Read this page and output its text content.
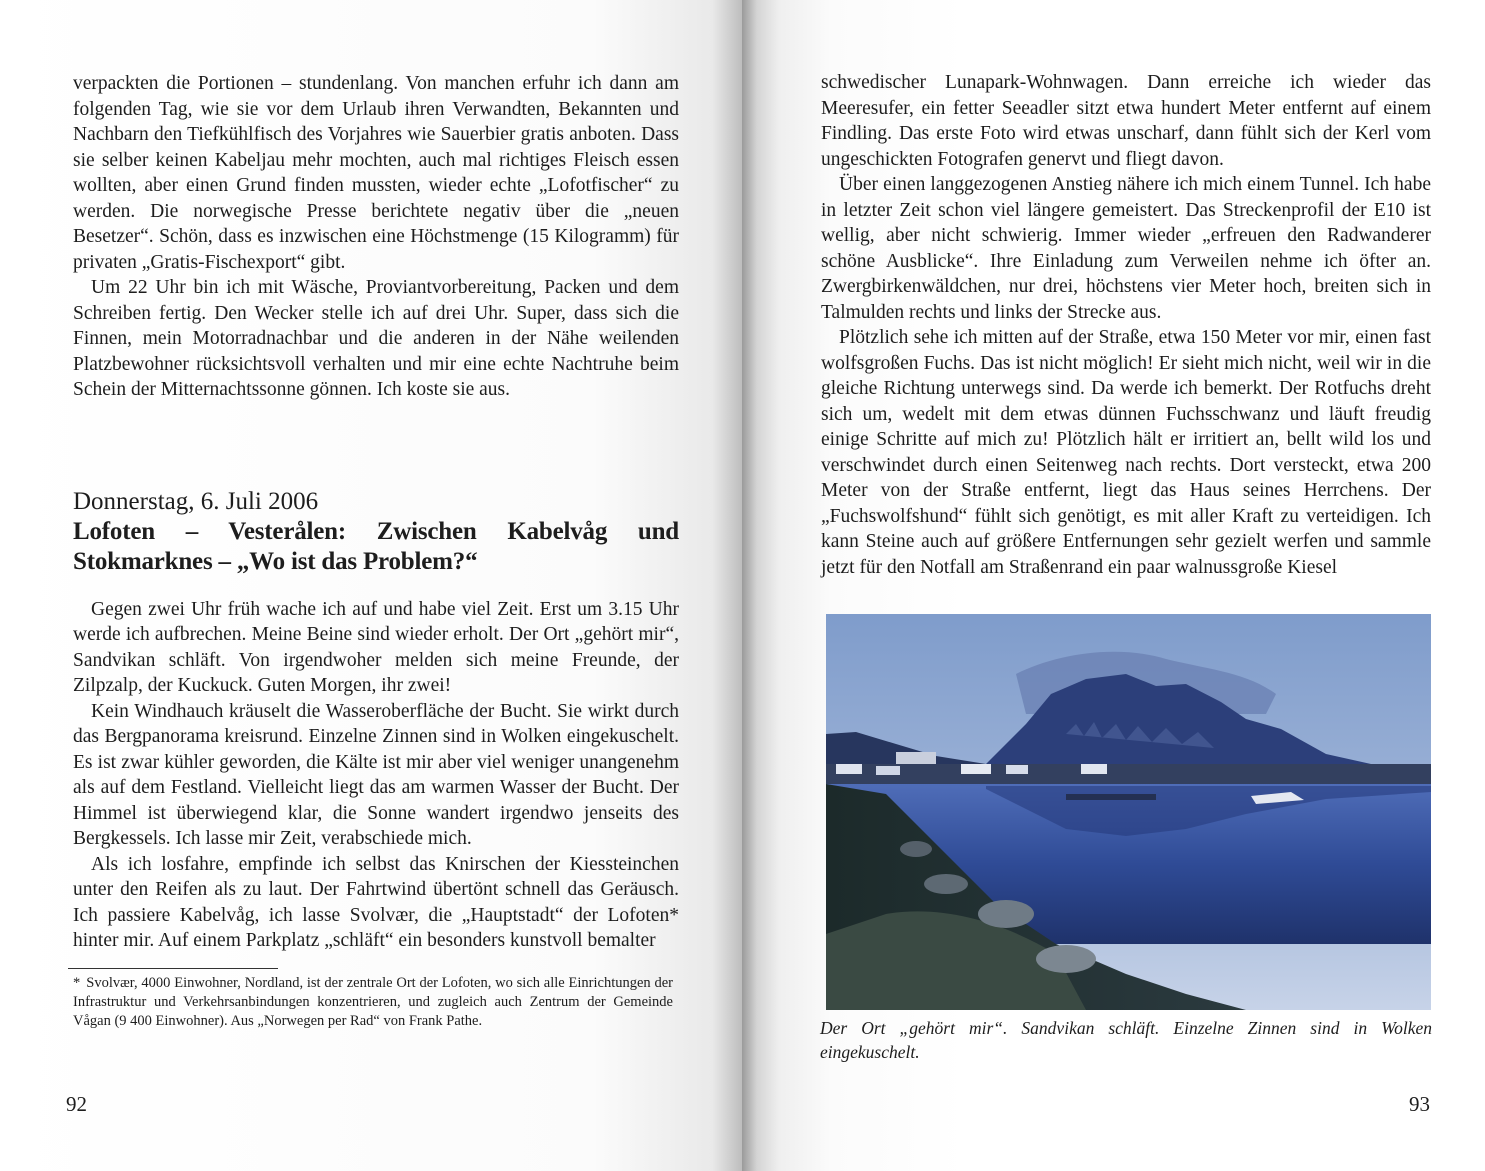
verpackten die Portionen – stundenlang. Von manchen erfuhr ich dann am folgenden Tag, wie sie vor dem Urlaub ihren Verwandten, Bekannten und Nachbarn den Tiefkühlfisch des Vorjahres wie Sauerbier gratis anboten. Dass sie selber keinen Kabeljau mehr mochten, auch mal richtiges Fleisch essen wollten, aber einen Grund finden mussten, wieder echte „Lofotfischer“ zu werden. Die norwegische Presse berichtete negativ über die „neuen Besetzer“. Schön, dass es inzwischen eine Höchstmenge (15 Kilogramm) für privaten „Gratis-Fischexport“ gibt.

Um 22 Uhr bin ich mit Wäsche, Proviantvorbereitung, Packen und dem Schreiben fertig. Den Wecker stelle ich auf drei Uhr. Super, dass sich die Finnen, mein Motorradnachbar und die anderen in der Nähe weilenden Platzbewohner rücksichtsvoll verhalten und mir eine echte Nachtruhe beim Schein der Mitternachtssonne gönnen. Ich koste sie aus.

Donnerstag, 6. Juli 2006
Lofoten – Vesterålen: Zwischen Kabelvåg und Stokmarknes – „Wo ist das Problem?“

Gegen zwei Uhr früh wache ich auf und habe viel Zeit. Erst um 3.15 Uhr werde ich aufbrechen. Meine Beine sind wieder erholt. Der Ort „gehört mir“, Sandvikan schläft. Von irgendwoher melden sich meine Freunde, der Zilpzalp, der Kuckuck. Guten Morgen, ihr zwei!

Kein Windhauch kräuselt die Wasseroberfläche der Bucht. Sie wirkt durch das Bergpanorama kreisrund. Einzelne Zinnen sind in Wolken eingekuschelt. Es ist zwar kühler geworden, die Kälte ist mir aber viel weniger unangenehm als auf dem Festland. Vielleicht liegt das am warmen Wasser der Bucht. Der Himmel ist überwiegend klar, die Sonne wandert irgendwo jenseits des Bergkessels. Ich lasse mir Zeit, verabschiede mich.

Als ich losfahre, empfinde ich selbst das Knirschen der Kiessteinchen unter den Reifen als zu laut. Der Fahrtwind übertönt schnell das Geräusch. Ich passiere Kabelvåg, ich lasse Svolvær, die „Hauptstadt“ der Lofoten* hinter mir. Auf einem Parkplatz „schläft“ ein besonders kunstvoll bemalter

* Svolvær, 4000 Einwohner, Nordland, ist der zentrale Ort der Lofoten, wo sich alle Einrichtungen der Infrastruktur und Verkehrsanbindungen konzentrieren, und zugleich auch Zentrum der Gemeinde Vågan (9 400 Einwohner). Aus „Norwegen per Rad“ von Frank Pathe.
92

schwedischer Lunapark-Wohnwagen. Dann erreiche ich wieder das Meeresufer, ein fetter Seeadler sitzt etwa hundert Meter entfernt auf einem Findling. Das erste Foto wird etwas unscharf, dann fühlt sich der Kerl vom ungeschickten Fotografen genervt und fliegt davon.

Über einen langgezogenen Anstieg nähere ich mich einem Tunnel. Ich habe in letzter Zeit schon viel längere gemeistert. Das Streckenprofil der E10 ist wellig, aber nicht schwierig. Immer wieder „erfreuen den Radwanderer schöne Ausblicke“. Ihre Einladung zum Verweilen nehme ich öfter an. Zwergbirkenwäldchen, nur drei, höchstens vier Meter hoch, breiten sich in Talmulden rechts und links der Strecke aus.

Plötzlich sehe ich mitten auf der Straße, etwa 150 Meter vor mir, einen fast wolfsgroßen Fuchs. Das ist nicht möglich! Er sieht mich nicht, weil wir in die gleiche Richtung unterwegs sind. Da werde ich bemerkt. Der Rotfuchs dreht sich um, wedelt mit dem etwas dünnen Fuchsschwanz und läuft freudig einige Schritte auf mich zu! Plötzlich hält er irritiert an, bellt wild los und verschwindet durch einen Seitenweg nach rechts. Dort versteckt, etwa 200 Meter von der Straße entfernt, liegt das Haus seines Herrchens. Der „Fuchswolfshund“ fühlt sich genötigt, es mit aller Kraft zu verteidigen. Ich kann Steine auch auf größere Entfernungen sehr gezielt werfen und sammle jetzt für den Notfall am Straßenrand ein paar walnussgroße Kiesel

Der Ort „gehört mir“. Sandvikan schläft. Einzelne Zinnen sind in Wolken eingekuschelt.
93
